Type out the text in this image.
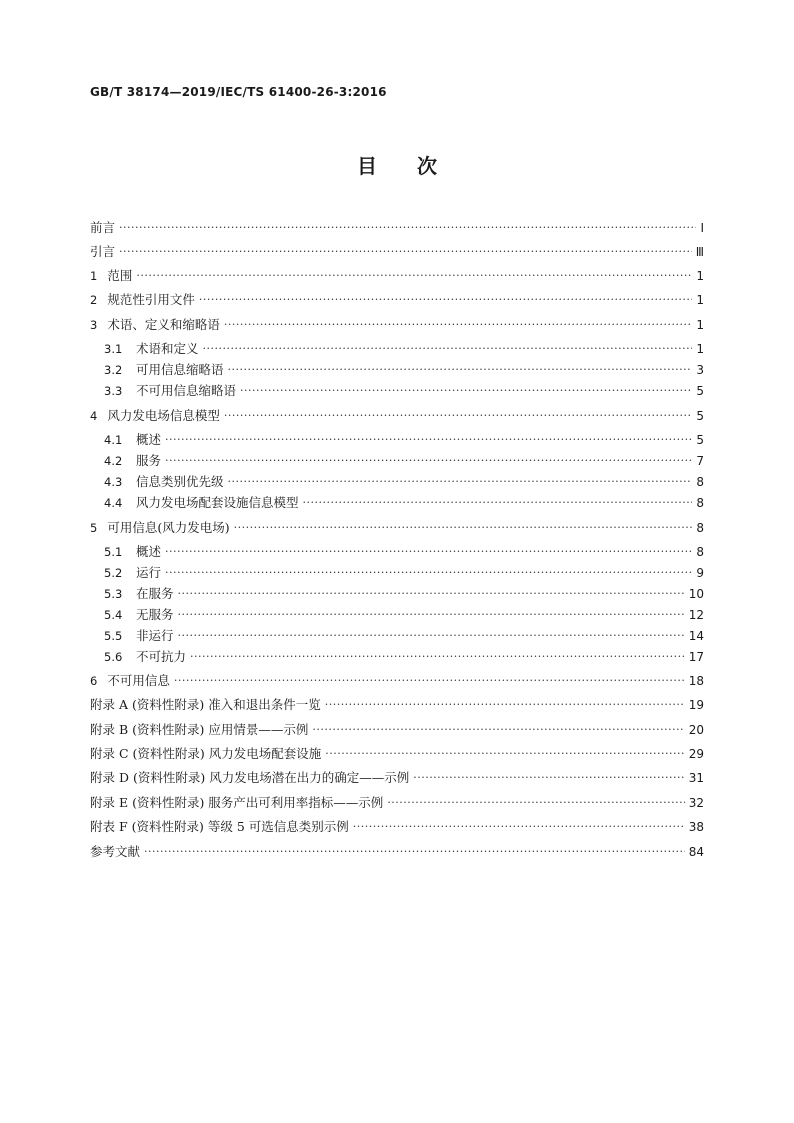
GB/T 38174—2019/IEC/TS 61400-26-3:2016
目次
前言 ·····	Ⅰ
引言 ·····	Ⅲ
1 范围 ·····	1
2 规范性引用文件 ·····	1
3 术语、定义和缩略语 ·····	1
3.1 术语和定义 ·····	1
3.2 可用信息缩略语 ·····	3
3.3 不可用信息缩略语 ·····	5
4 风力发电场信息模型 ·····	5
4.1 概述 ·····	5
4.2 服务 ·····	7
4.3 信息类别优先级 ·····	8
4.4 风力发电场配套设施信息模型 ·····	8
5 可用信息(风力发电场) ·····	8
5.1 概述 ·····	8
5.2 运行 ·····	9
5.3 在服务 ·····	10
5.4 无服务 ·····	12
5.5 非运行 ·····	14
5.6 不可抗力 ·····	17
6 不可用信息 ·····	18
附录 A (资料性附录) 准入和退出条件一览 ·····	19
附录 B (资料性附录) 应用情景——示例 ·····	20
附录 C (资料性附录) 风力发电场配套设施 ·····	29
附录 D (资料性附录) 风力发电场潜在出力的确定——示例 ·····	31
附录 E (资料性附录) 服务产出可利用率指标——示例 ·····	32
附表 F (资料性附录) 等级 5 可选信息类别示例 ·····	38
参考文献 ·····	84
